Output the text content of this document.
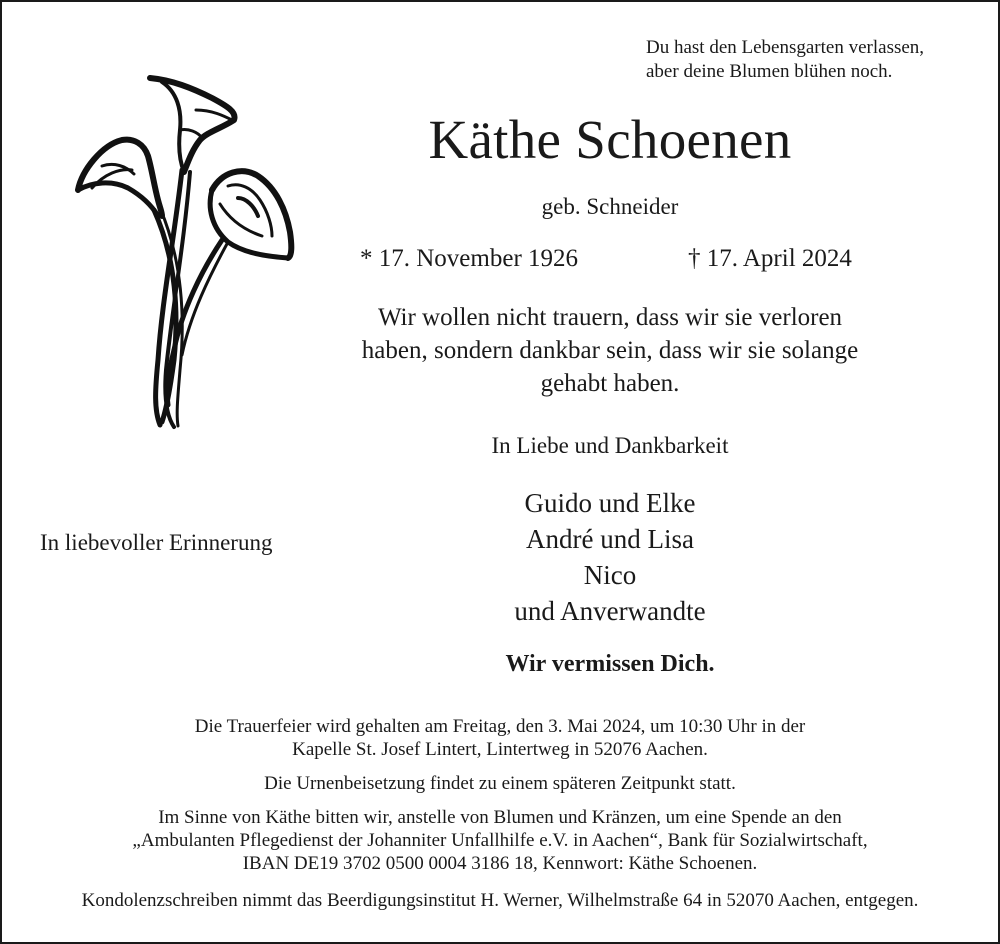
Du hast den Lebensgarten verlassen,
aber deine Blumen blühen noch.
Käthe Schoenen
geb. Schneider
* 17. November 1926	† 17. April 2024
Wir wollen nicht trauern, dass wir sie verloren
haben, sondern dankbar sein, dass wir sie solange
gehabt haben.
In Liebe und Dankbarkeit
In liebevoller Erinnerung
Guido und Elke
André und Lisa
Nico
und Anverwandte
Wir vermissen Dich.
Die Trauerfeier wird gehalten am Freitag, den 3. Mai 2024, um 10:30 Uhr in der
Kapelle St. Josef Lintert, Lintertweg in 52076 Aachen.
Die Urnenbeisetzung findet zu einem späteren Zeitpunkt statt.
Im Sinne von Käthe bitten wir, anstelle von Blumen und Kränzen, um eine Spende an den
„Ambulanten Pflegedienst der Johanniter Unfallhilfe e.V. in Aachen“, Bank für Sozialwirtschaft,
IBAN DE19 3702 0500 0004 3186 18, Kennwort: Käthe Schoenen.
Kondolenzschreiben nimmt das Beerdigungsinstitut H. Werner, Wilhelmstraße 64 in 52070 Aachen, entgegen.
